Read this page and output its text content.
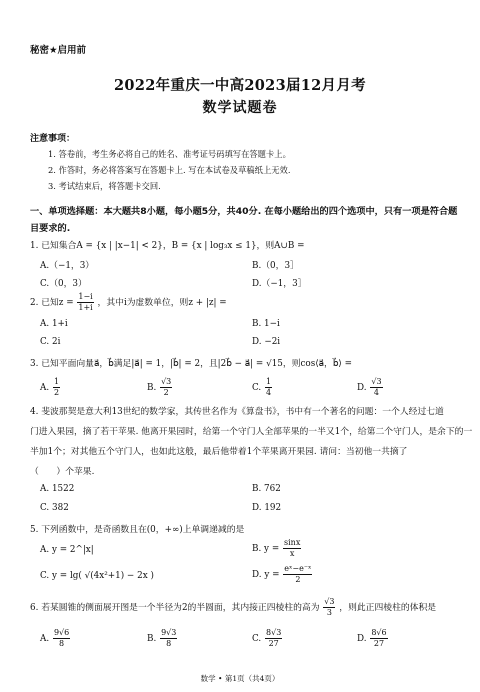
秘密★启用前
2022年重庆一中高2023届12月月考
数学试题卷
注意事项：
1. 答卷前，考生务必将自己的姓名、准考证号码填写在答题卡上。
2. 作答时，务必将答案写在答题卡上. 写在本试卷及草稿纸上无效.
3. 考试结束后，将答题卡交回.
一、单项选择题：本大题共8小题，每小题5分，共40分. 在每小题给出的四个选项中，只有一项是符合题
目要求的.
1. 已知集合A = {x | |x−1| < 2}，B = {x | log₃x ≤ 1}，则A∪B =
A.（−1，3）	B.（0，3］
C.（0，3）	D.（−1，3］
2. 已知$z = \frac{1-i}{1+i}$ ，其中i为虚数单位，则z + |z| =
A. 1+i	B. 1−i
C. 2i	D. −2i
3. 已知平面向量a⃗，b⃗满足|a⃗| = 1，|b⃗| = 2，且|2b⃗ − a⃗| = √15，则cos⟨a⃗，b⃗⟩ =
A. $\frac{1}{2}$	B. $\frac{√3}{2}$	C. $\frac{1}{4}$	D. $\frac{√3}{4}$
4. 斐波那契是意大利13世纪的数学家，其传世名作为《算盘书》，书中有一个著名的问题：一个人经过七道
门进入果园，摘了若干苹果. 他离开果园时，给第一个守门人全部苹果的一半又1个，给第二个守门人，是余下的一
半加1个；对其他五个守门人，也如此这般，最后他带着1个苹果离开果园. 请问：当初他一共摘了
（　　）个苹果.
A. 1522	B. 762
C. 382	D. 192
5. 下列函数中，是奇函数且在(0，+∞)上单调递减的是
A. y = 2^|x|	B. $y = \frac{\sin x}{x}$
C. y = lg( √(4x²+1) − 2x )	D. $y = \frac{\text{eˣ−e⁻ˣ}}{2}$
6. 若某圆锥的侧面展开图是一个半径为2的半圆面，其内接正四棱柱的高为 $\frac{√3}{3}$ ，则此正四棱柱的体积是
A. $\frac{9√6}{8}$	B. $\frac{9√3}{8}$	C. $\frac{8√3}{27}$	D. $\frac{8√6}{27}$
数学 • 第1页（共4页）
